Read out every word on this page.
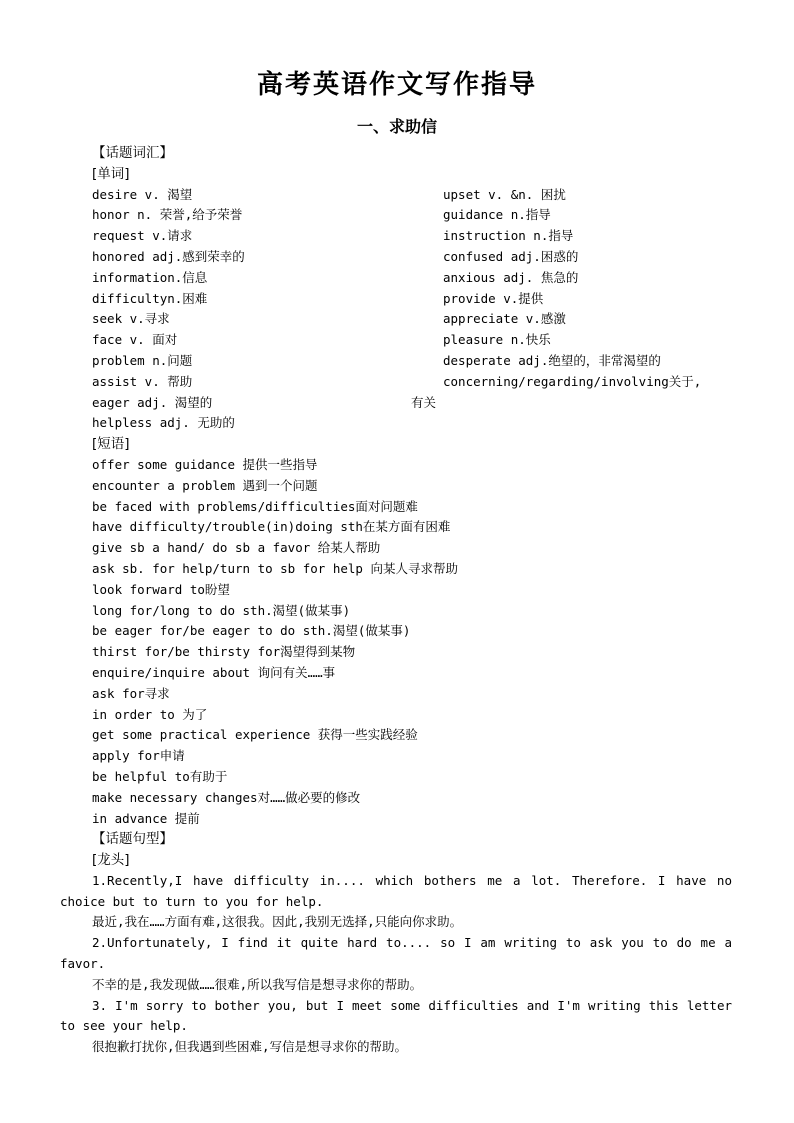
高考英语作文写作指导
一、求助信
【话题词汇】
[单词]
desire v. 渴望	upset v. &n. 困扰
honor n. 荣誉,给予荣誉	guidance n.指导
request v.请求	instruction n.指导
honored adj.感到荣幸的	confused adj.困惑的
information.信息	anxious adj. 焦急的
difficultyn.困难	provide v.提供
seek v.寻求	appreciate v.感激
face v. 面对	pleasure n.快乐
problem n.问题	desperate adj.绝望的，非常渴望的
assist v. 帮助	concerning/regarding/involving关于,
eager adj. 渴望的	有关
helpless adj. 无助的
[短语]
offer some guidance 提供一些指导
encounter a problem 遇到一个问题
be faced with problems/difficulties面对问题难
have difficulty/trouble(in)doing sth在某方面有困难
give sb a hand/ do sb a favor 给某人帮助
ask sb. for help/turn to sb for help 向某人寻求帮助
look forward to盼望
long for/long to do sth.渴望(做某事)
be eager for/be eager to do sth.渴望(做某事)
thirst for/be thirsty for渴望得到某物
enquire/inquire about 询问有关……事
ask for寻求
in order to 为了
get some practical experience 获得一些实践经验
apply for申请
be helpful to有助于
make necessary changes对……做必要的修改
in advance 提前
【话题句型】
[龙头]
1.Recently,I have difficulty in.... which bothers me a lot. Therefore. I have no choice but to turn to you for help.
最近,我在……方面有难,这很我。因此,我别无选择,只能向你求助。
2.Unfortunately, I find it quite hard to.... so I am writing to ask you to do me a favor.
不幸的是,我发现做……很难,所以我写信是想寻求你的帮助。
3. I'm sorry to bother you, but I meet some difficulties and I'm writing this letter to see your help.
很抱歉打扰你,但我遇到些困难,写信是想寻求你的帮助。
